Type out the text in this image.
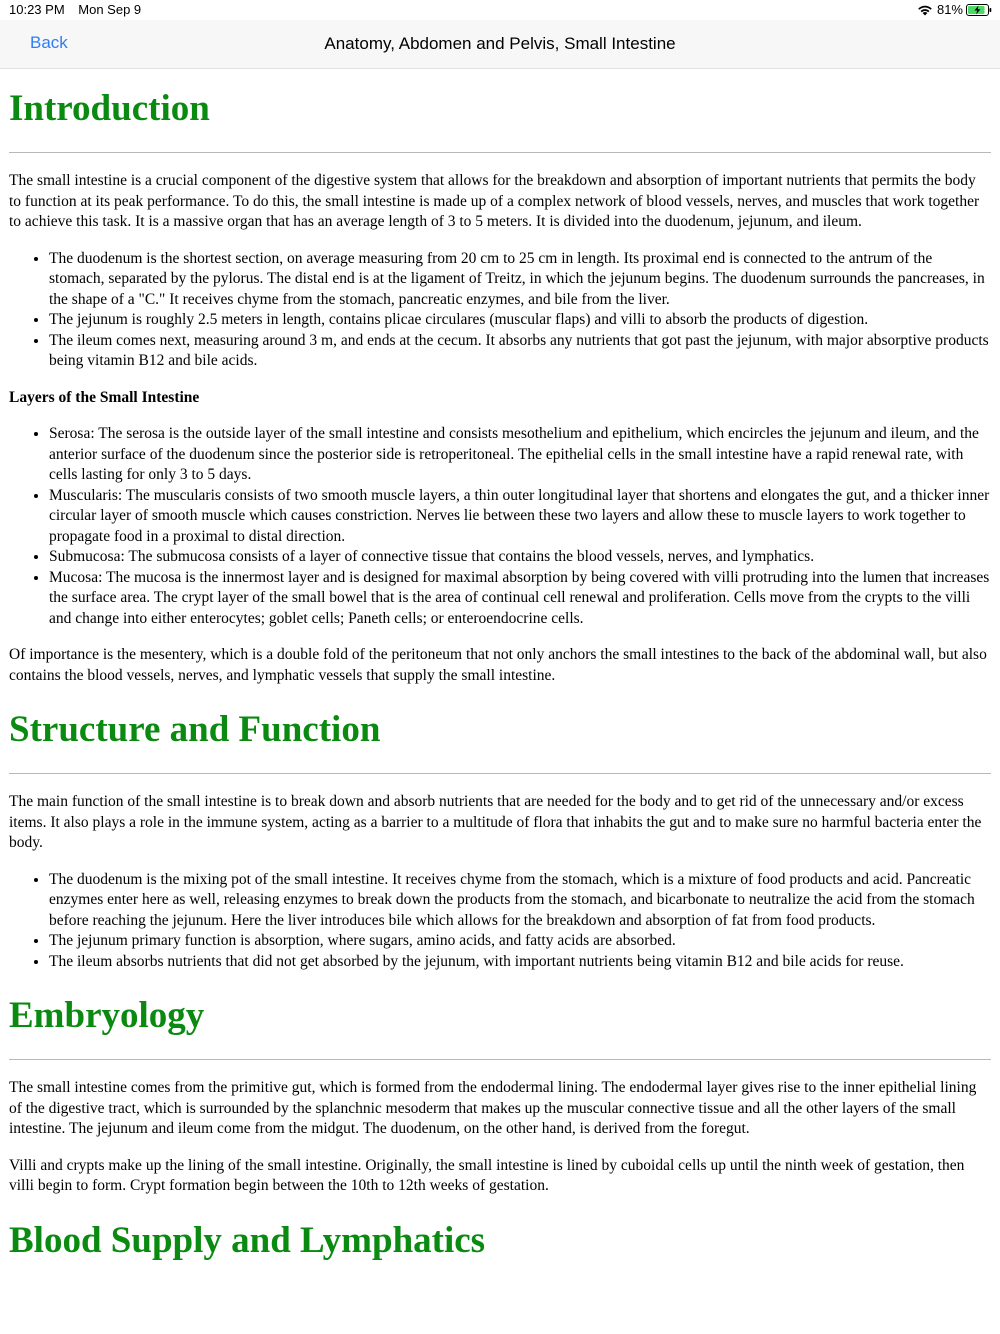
10:23 PM Mon Sep 9	81%
Back	Anatomy, Abdomen and Pelvis, Small Intestine
Introduction

The small intestine is a crucial component of the digestive system that allows for the breakdown and absorption of important nutrients that permits the body to function at its peak performance. To do this, the small intestine is made up of a complex network of blood vessels, nerves, and muscles that work together to achieve this task. It is a massive organ that has an average length of 3 to 5 meters. It is divided into the duodenum, jejunum, and ileum.

• The duodenum is the shortest section, on average measuring from 20 cm to 25 cm in length. Its proximal end is connected to the antrum of the stomach, separated by the pylorus. The distal end is at the ligament of Treitz, in which the jejunum begins. The duodenum surrounds the pancreases, in the shape of a "C." It receives chyme from the stomach, pancreatic enzymes, and bile from the liver.
• The jejunum is roughly 2.5 meters in length, contains plicae circulares (muscular flaps) and villi to absorb the products of digestion.
• The ileum comes next, measuring around 3 m, and ends at the cecum. It absorbs any nutrients that got past the jejunum, with major absorptive products being vitamin B12 and bile acids.

Layers of the Small Intestine

• Serosa: The serosa is the outside layer of the small intestine and consists mesothelium and epithelium, which encircles the jejunum and ileum, and the anterior surface of the duodenum since the posterior side is retroperitoneal. The epithelial cells in the small intestine have a rapid renewal rate, with cells lasting for only 3 to 5 days.
• Muscularis: The muscularis consists of two smooth muscle layers, a thin outer longitudinal layer that shortens and elongates the gut, and a thicker inner circular layer of smooth muscle which causes constriction. Nerves lie between these two layers and allow these to muscle layers to work together to propagate food in a proximal to distal direction.
• Submucosa: The submucosa consists of a layer of connective tissue that contains the blood vessels, nerves, and lymphatics.
• Mucosa: The mucosa is the innermost layer and is designed for maximal absorption by being covered with villi protruding into the lumen that increases the surface area. The crypt layer of the small bowel that is the area of continual cell renewal and proliferation. Cells move from the crypts to the villi and change into either enterocytes; goblet cells; Paneth cells; or enteroendocrine cells.

Of importance is the mesentery, which is a double fold of the peritoneum that not only anchors the small intestines to the back of the abdominal wall, but also contains the blood vessels, nerves, and lymphatic vessels that supply the small intestine.

Structure and Function

The main function of the small intestine is to break down and absorb nutrients that are needed for the body and to get rid of the unnecessary and/or excess items. It also plays a role in the immune system, acting as a barrier to a multitude of flora that inhabits the gut and to make sure no harmful bacteria enter the body.

• The duodenum is the mixing pot of the small intestine. It receives chyme from the stomach, which is a mixture of food products and acid. Pancreatic enzymes enter here as well, releasing enzymes to break down the products from the stomach, and bicarbonate to neutralize the acid from the stomach before reaching the jejunum. Here the liver introduces bile which allows for the breakdown and absorption of fat from food products.
• The jejunum primary function is absorption, where sugars, amino acids, and fatty acids are absorbed.
• The ileum absorbs nutrients that did not get absorbed by the jejunum, with important nutrients being vitamin B12 and bile acids for reuse.
Embryology

The small intestine comes from the primitive gut, which is formed from the endodermal lining. The endodermal layer gives rise to the inner epithelial lining of the digestive tract, which is surrounded by the splanchnic mesoderm that makes up the muscular connective tissue and all the other layers of the small intestine. The jejunum and ileum come from the midgut. The duodenum, on the other hand, is derived from the foregut.

Villi and crypts make up the lining of the small intestine. Originally, the small intestine is lined by cuboidal cells up until the ninth week of gestation, then villi begin to form. Crypt formation begin between the 10th to 12th weeks of gestation.

Blood Supply and Lymphatics
